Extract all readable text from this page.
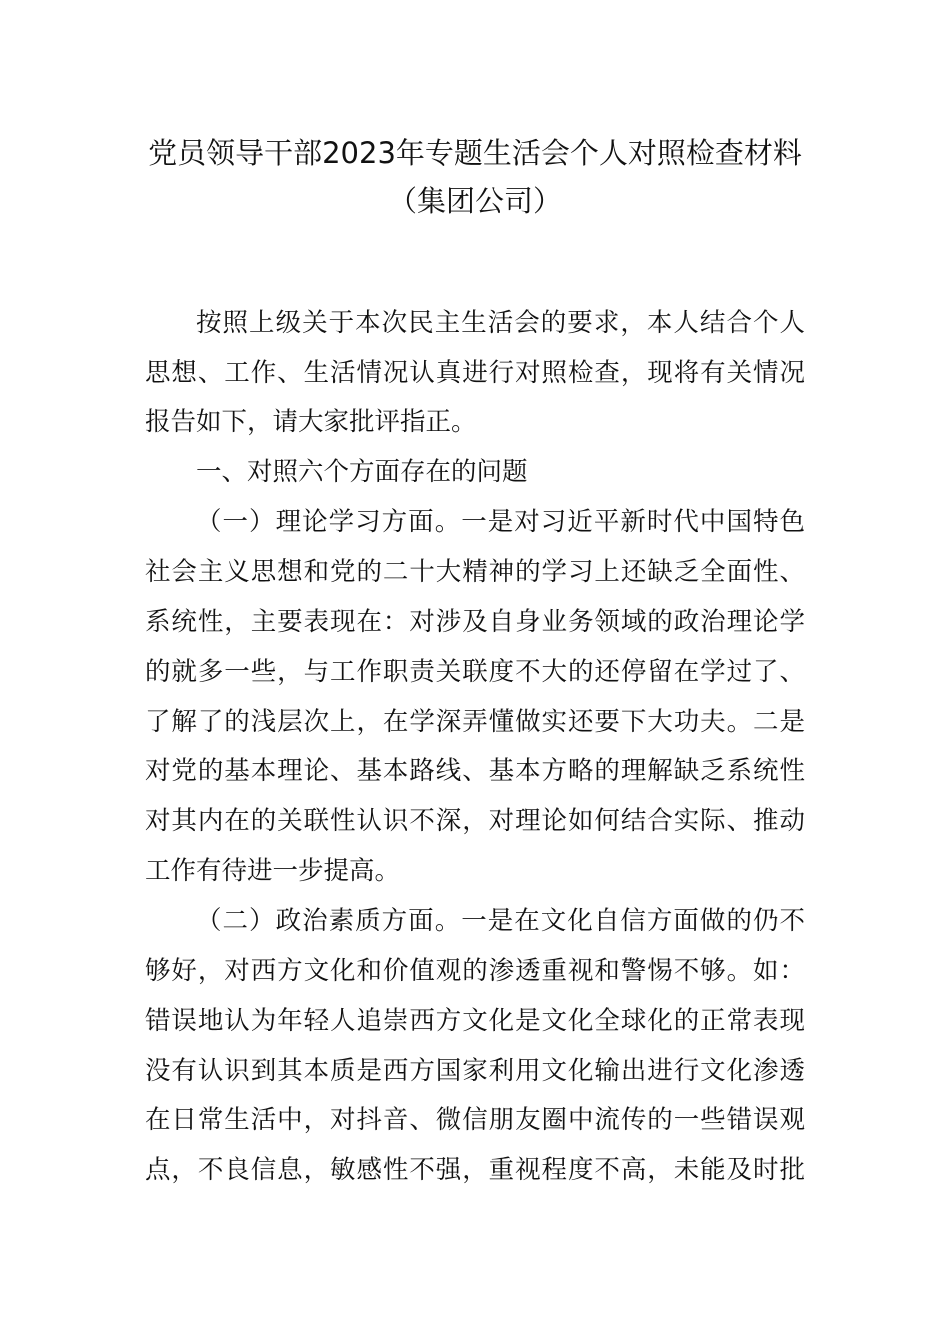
党员领导干部2023年专题生活会个人对照检查材料
（集团公司）
按照上级关于本次民主生活会的要求，本人结合个人
思想、工作、生活情况认真进行对照检查，现将有关情况
报告如下，请大家批评指正。
一、对照六个方面存在的问题
（一）理论学习方面。一是对习近平新时代中国特色
社会主义思想和党的二十大精神的学习上还缺乏全面性、
系统性，主要表现在：对涉及自身业务领域的政治理论学
的就多一些，与工作职责关联度不大的还停留在学过了、
了解了的浅层次上，在学深弄懂做实还要下大功夫。二是
对党的基本理论、基本路线、基本方略的理解缺乏系统性
对其内在的关联性认识不深，对理论如何结合实际、推动
工作有待进一步提高。
（二）政治素质方面。一是在文化自信方面做的仍不
够好，对西方文化和价值观的渗透重视和警惕不够。如：
错误地认为年轻人追崇西方文化是文化全球化的正常表现
没有认识到其本质是西方国家利用文化输出进行文化渗透
在日常生活中，对抖音、微信朋友圈中流传的一些错误观
点，不良信息，敏感性不强，重视程度不高，未能及时批
